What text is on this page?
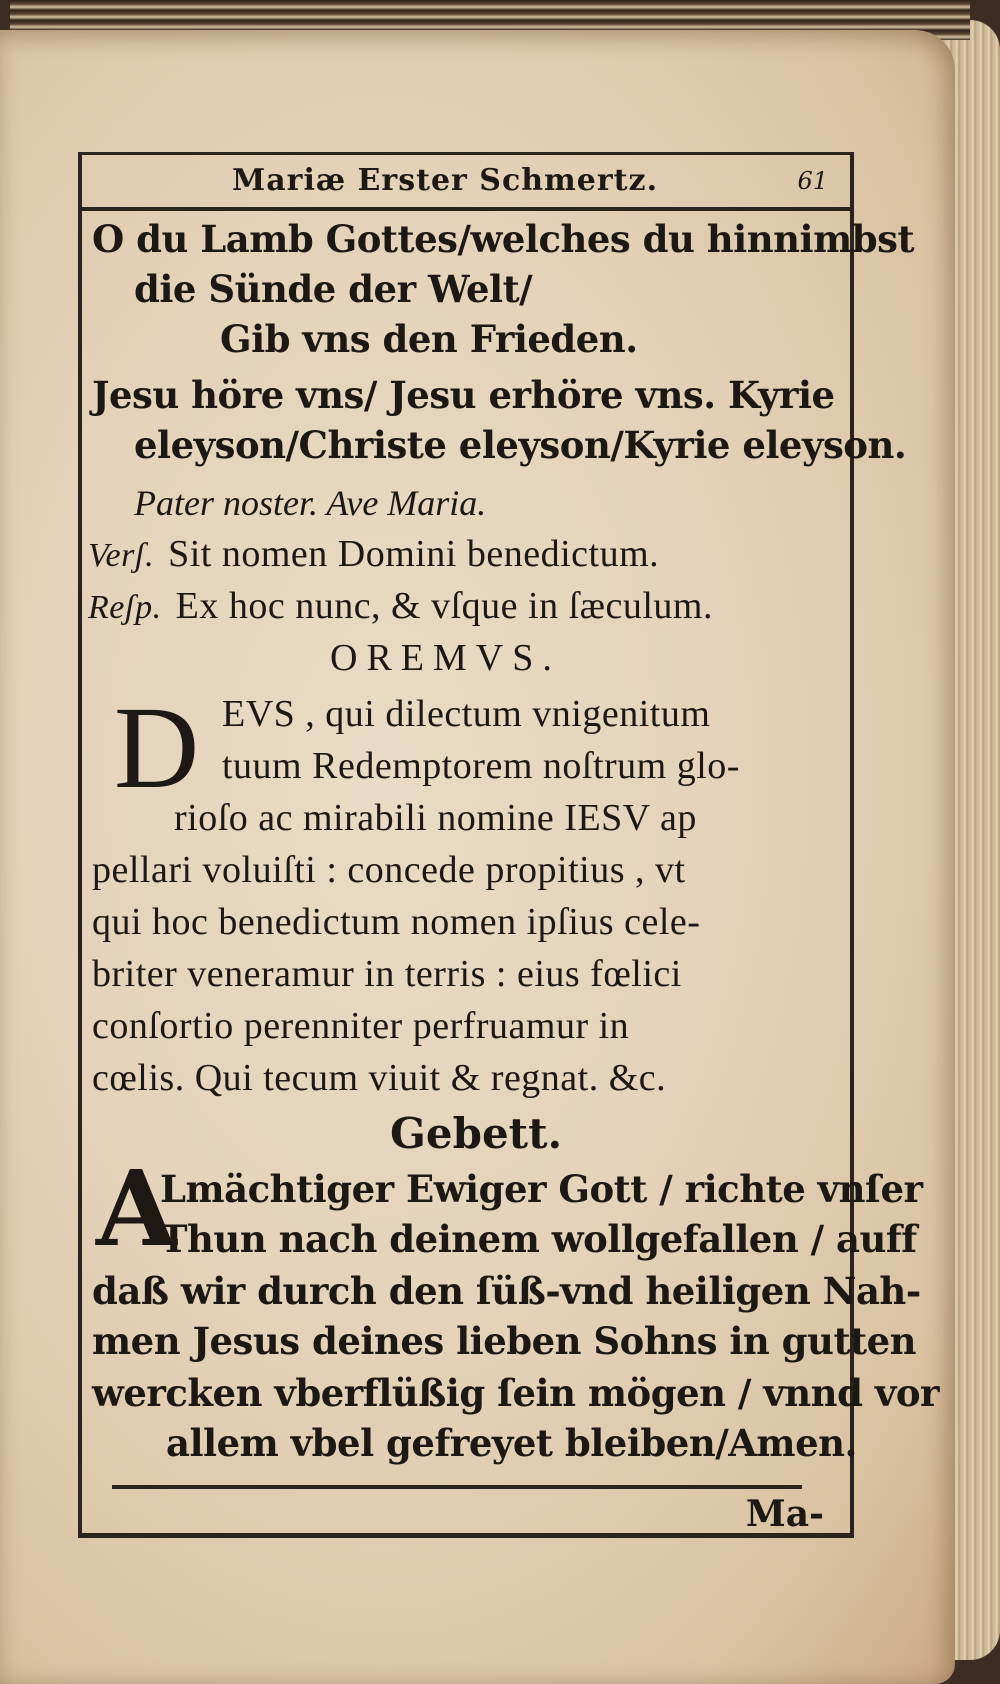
Mariæ Erster Schmertz.	61
O du Lamb Gottes/welches du hinnimbst
die Sünde der Welt/
Gib vns den Frieden.
Jesu höre vns/ Jesu erhöre vns. Kyrie
eleyson/Christe eleyson/Kyrie eleyson.
Pater noster. Ave Maria.
Verʃ. Sit nomen Domini benedictum.
Reʃp. Ex hoc nunc, & vſque in ſæculum.
OREMVS.
D EVS , qui dilectum vnigenitum
tuum Redemptorem noſtrum glo-
rioſo ac mirabili nomine IESV ap
pellari voluiſti : concede propitius , vt
qui hoc benedictum nomen ipſius cele-
briter veneramur in terris : eius fœlici
conſortio perenniter perfruamur in
cœlis. Qui tecum viuit & regnat. &c.
Gebett.
A
Lmächtiger Ewiger Gott / richte vnſer
Thun nach deinem wollgefallen / auff
daß wir durch den ſüß-vnd heiligen Nah-
men Jesus deines lieben Sohns in gutten
wercken vberflüßig ſein mögen / vnnd vor
allem vbel gefreyet bleiben/Amen.
Ma-
